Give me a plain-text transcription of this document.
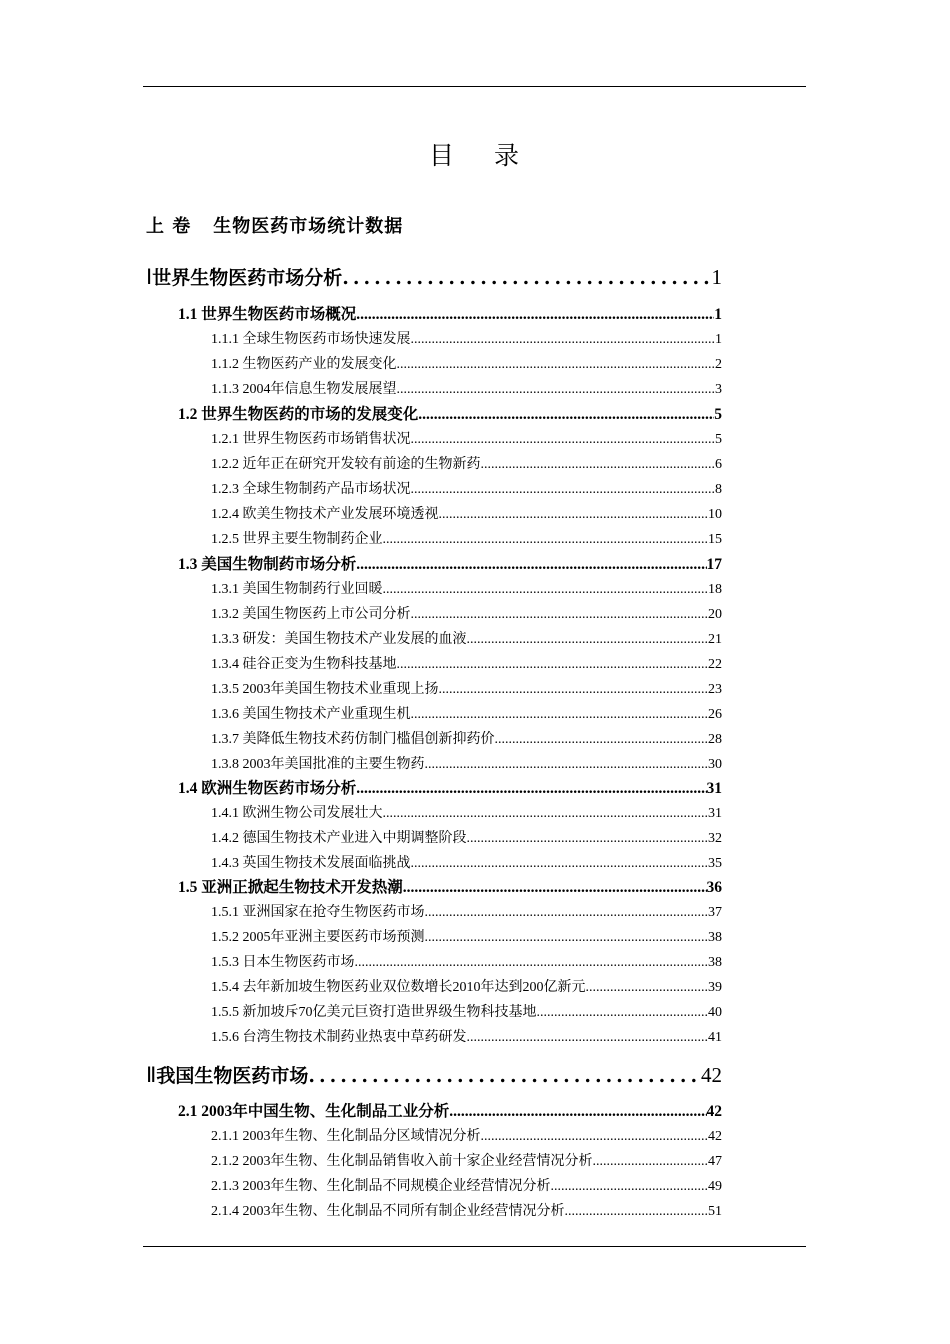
目 录
上 卷 生物医药市场统计数据
Ⅰ 世界生物医药市场分析 .....	1
1.1 世界生物医药市场概况 .....	1
1.1.1 全球生物医药市场快速发展 .....	1
1.1.2 生物医药产业的发展变化 .....	2
1.1.3 2004年信息生物发展展望 .....	3
1.2 世界生物医药的市场的发展变化 .....	5
1.2.1 世界生物医药市场销售状况 .....	5
1.2.2 近年正在研究开发较有前途的生物新药 .....	6
1.2.3 全球生物制药产品市场状况 .....	8
1.2.4 欧美生物技术产业发展环境透视 .....	10
1.2.5 世界主要生物制药企业 .....	15
1.3 美国生物制药市场分析 .....	17
1.3.1 美国生物制药行业回暖 .....	18
1.3.2 美国生物医药上市公司分析 .....	20
1.3.3 研发：美国生物技术产业发展的血液 .....	21
1.3.4 硅谷正变为生物科技基地 .....	22
1.3.5 2003年美国生物技术业重现上扬 .....	23
1.3.6 美国生物技术产业重现生机 .....	26
1.3.7 美降低生物技术药仿制门槛倡创新抑药价 .....	28
1.3.8 2003年美国批准的主要生物药 .....	30
1.4 欧洲生物医药市场分析 .....	31
1.4.1 欧洲生物公司发展壮大 .....	31
1.4.2 德国生物技术产业进入中期调整阶段 .....	32
1.4.3 英国生物技术发展面临挑战 .....	35
1.5 亚洲正掀起生物技术开发热潮 .....	36
1.5.1 亚洲国家在抢夺生物医药市场 .....	37
1.5.2 2005年亚洲主要医药市场预测 .....	38
1.5.3 日本生物医药市场 .....	38
1.5.4 去年新加坡生物医药业双位数增长2010年达到200亿新元 .....	39
1.5.5 新加坡斥70亿美元巨资打造世界级生物科技基地 .....	40
1.5.6 台湾生物技术制药业热衷中草药研发 .....	41
Ⅱ 我国生物医药市场 .....	42
2.1 2003年中国生物、生化制品工业分析 .....	42
2.1.1 2003年生物、生化制品分区域情况分析 .....	42
2.1.2 2003年生物、生化制品销售收入前十家企业经营情况分析 .....	47
2.1.3 2003年生物、生化制品不同规模企业经营情况分析 .....	49
2.1.4 2003年生物、生化制品不同所有制企业经营情况分析 .....	51
